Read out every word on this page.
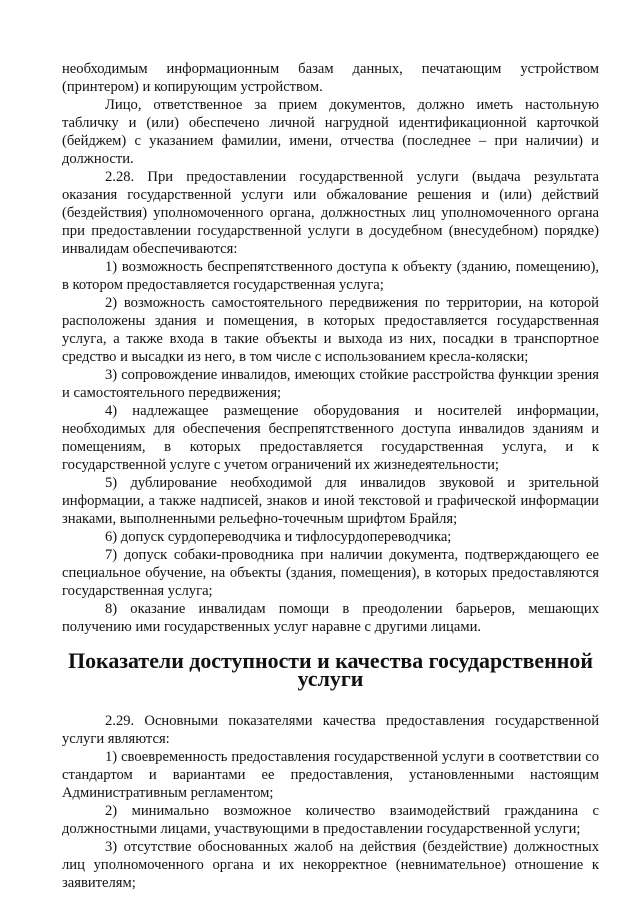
необходимым информационным базам данных, печатающим устройством (принтером) и копирующим устройством.

Лицо, ответственное за прием документов, должно иметь настольную табличку и (или) обеспечено личной нагрудной идентификационной карточкой (бейджем) с указанием фамилии, имени, отчества (последнее – при наличии) и должности.

2.28. При предоставлении государственной услуги (выдача результата оказания государственной услуги или обжалование решения и (или) действий (бездействия) уполномоченного органа, должностных лиц уполномоченного органа при предоставлении государственной услуги в досудебном (внесудебном) порядке) инвалидам обеспечиваются:

1) возможность беспрепятственного доступа к объекту (зданию, помещению), в котором предоставляется государственная услуга;

2) возможность самостоятельного передвижения по территории, на которой расположены здания и помещения, в которых предоставляется государственная услуга, а также входа в такие объекты и выхода из них, посадки в транспортное средство и высадки из него, в том числе с использованием кресла-коляски;

3) сопровождение инвалидов, имеющих стойкие расстройства функции зрения и самостоятельного передвижения;

4) надлежащее размещение оборудования и носителей информации, необходимых для обеспечения беспрепятственного доступа инвалидов зданиям и помещениям, в которых предоставляется государственная услуга, и к государственной услуге с учетом ограничений их жизнедеятельности;

5) дублирование необходимой для инвалидов звуковой и зрительной информации, а также надписей, знаков и иной текстовой и графической информации знаками, выполненными рельефно-точечным шрифтом Брайля;

6) допуск сурдопереводчика и тифлосурдопереводчика;

7) допуск собаки-проводника при наличии документа, подтверждающего ее специальное обучение, на объекты (здания, помещения), в которых предоставляются государственная услуга;

8) оказание инвалидам помощи в преодолении барьеров, мешающих получению ими государственных услуг наравне с другими лицами.

Показатели доступности и качества государственной услуги

2.29. Основными показателями качества предоставления государственной услуги являются:

1) своевременность предоставления государственной услуги в соответствии со стандартом и вариантами ее предоставления, установленными настоящим Административным регламентом;

2) минимально возможное количество взаимодействий гражданина с должностными лицами, участвующими в предоставлении государственной услуги;

3) отсутствие обоснованных жалоб на действия (бездействие) должностных лиц уполномоченного органа и их некорректное (невнимательное) отношение к заявителям;
